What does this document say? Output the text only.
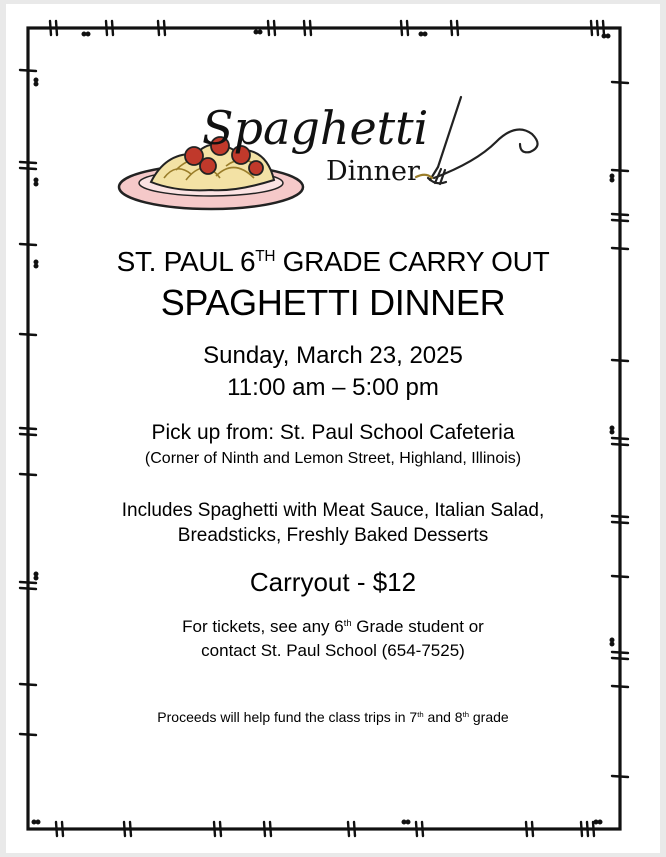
Spaghetti
Dinner
ST. PAUL 6TH GRADE CARRY OUT
SPAGHETTI DINNER
Sunday, March 23, 2025
11:00 am – 5:00 pm
Pick up from: St. Paul School Cafeteria
(Corner of Ninth and Lemon Street, Highland, Illinois)
Includes Spaghetti with Meat Sauce, Italian Salad,
Breadsticks, Freshly Baked Desserts
Carryout - $12
For tickets, see any 6th Grade student or
contact St. Paul School (654-7525)
Proceeds will help fund the class trips in 7th and 8th grade
